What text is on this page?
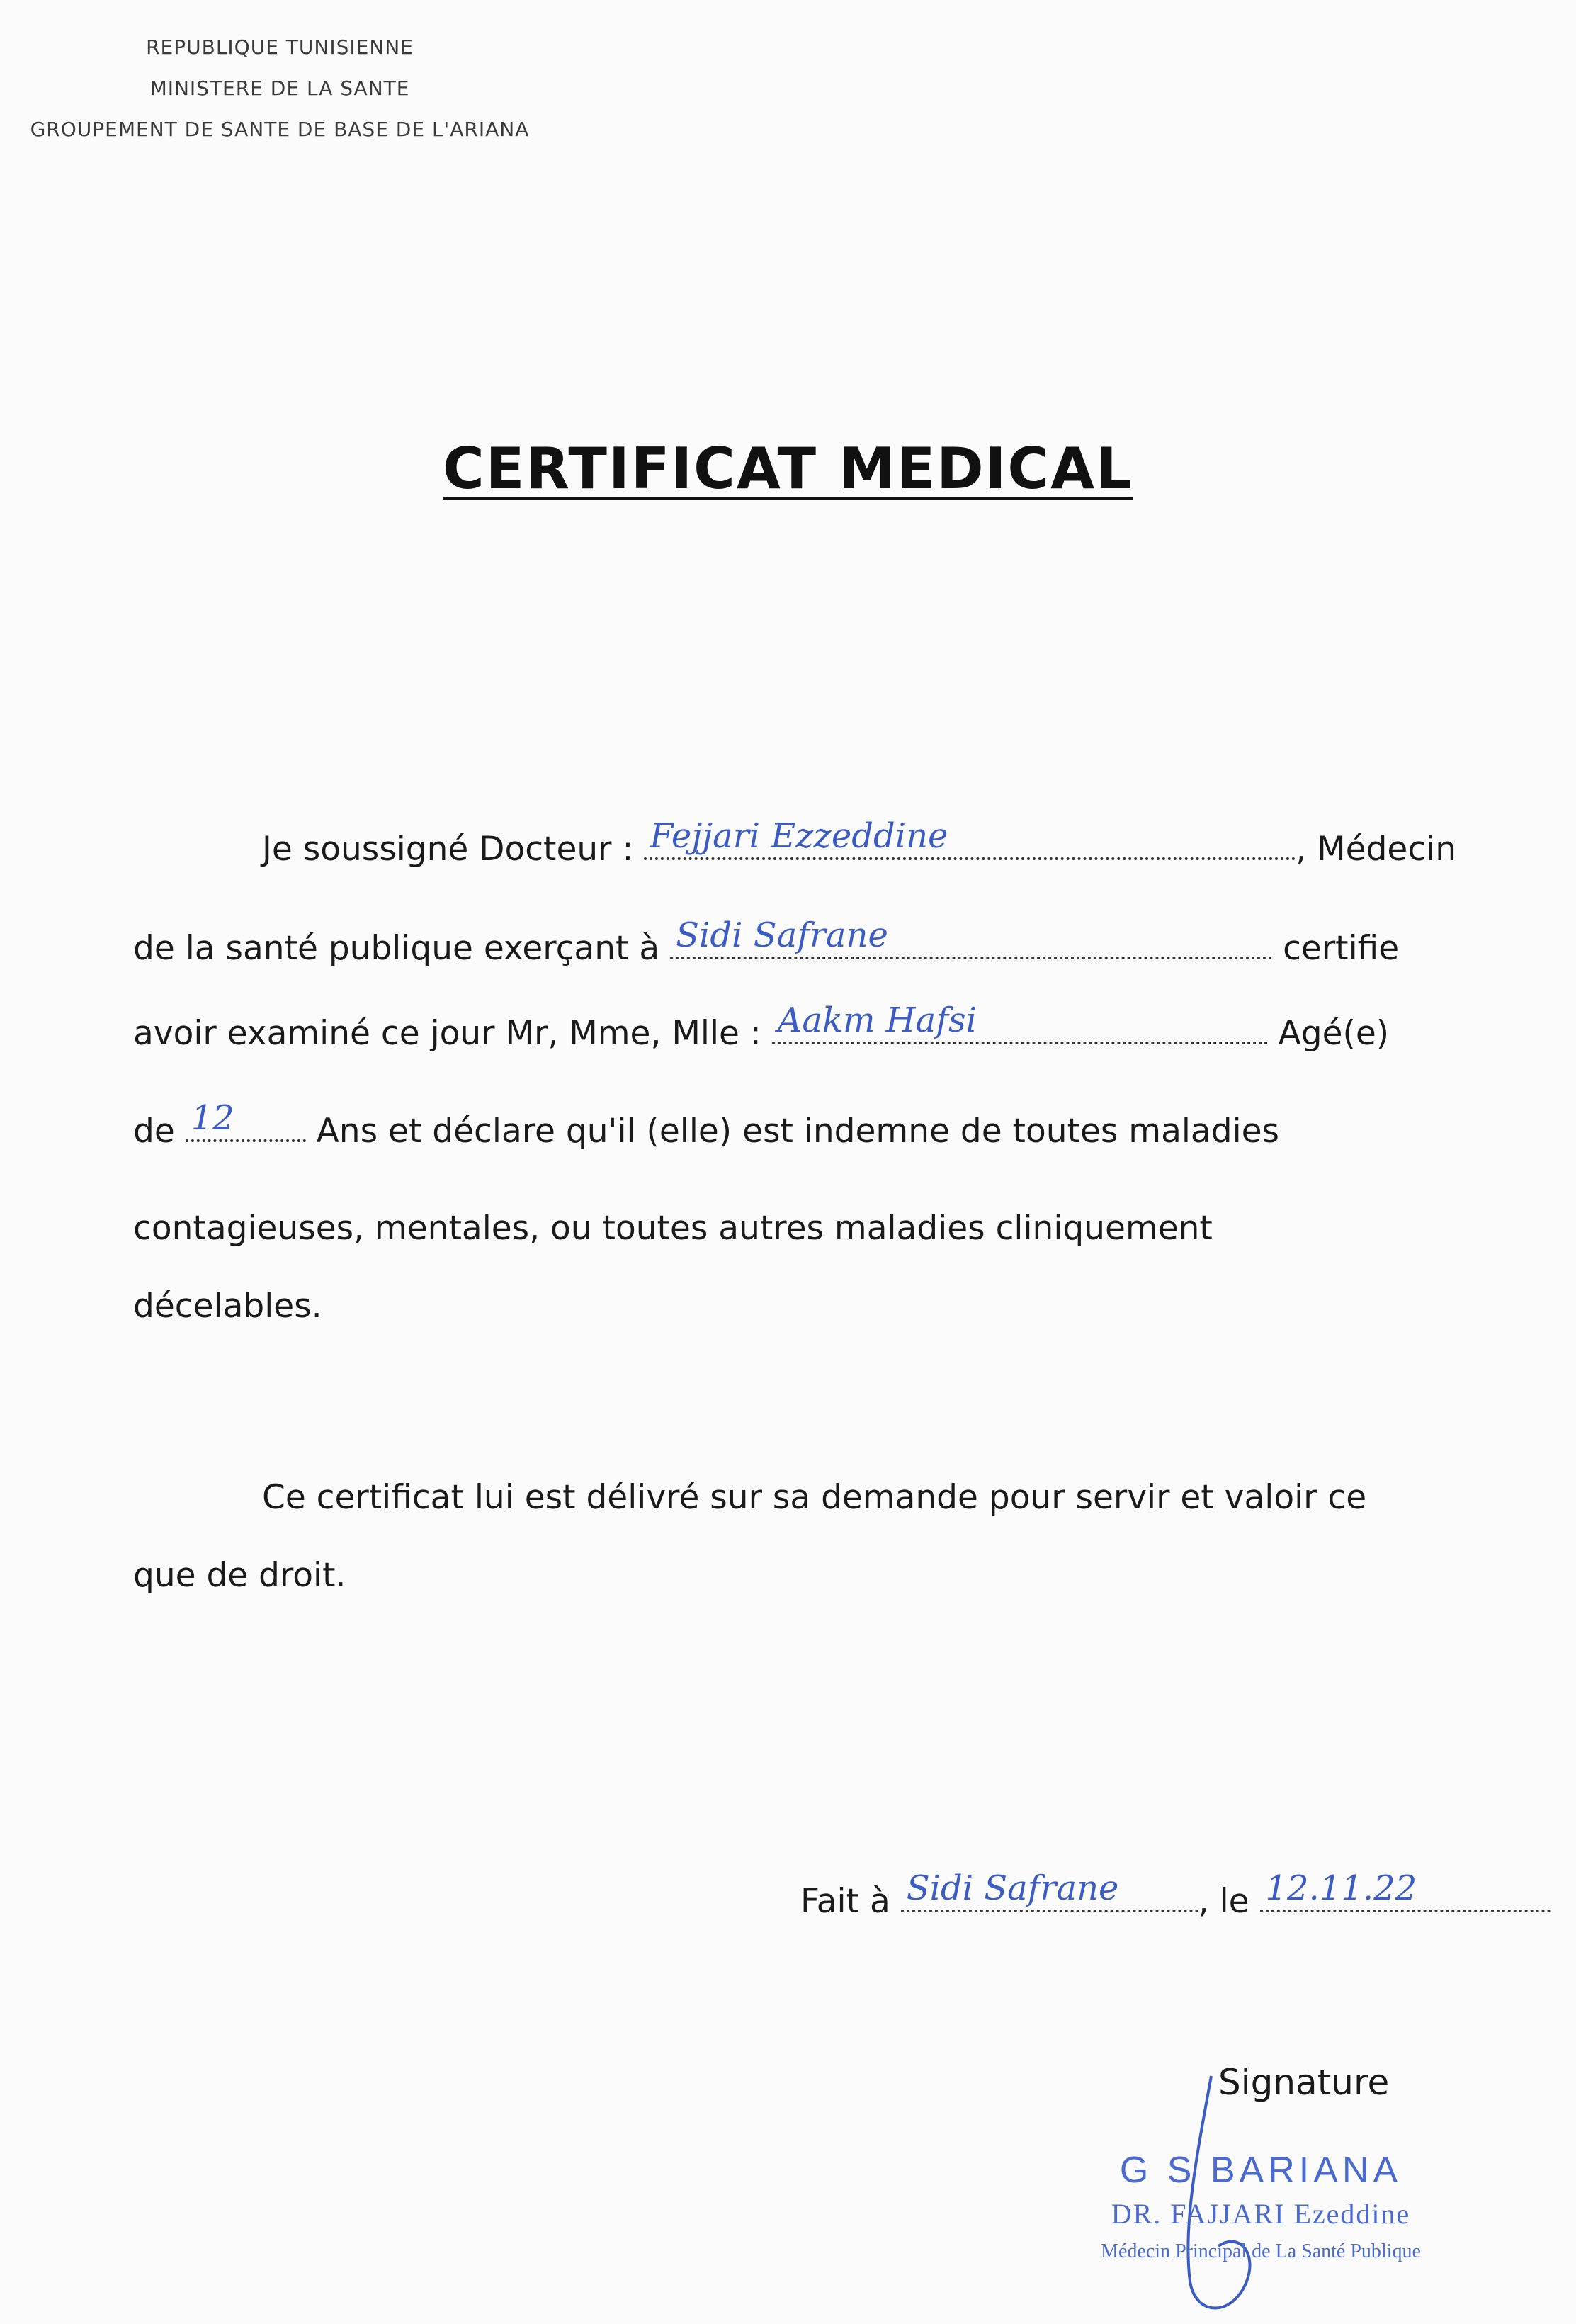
REPUBLIQUE TUNISIENNE
MINISTERE DE LA SANTE
GROUPEMENT DE SANTE DE BASE DE L'ARIANA
CERTIFICAT MEDICAL
Je soussigné Docteur : Fejjari Ezzeddine	, Médecin
de la santé publique exerçant à Sidi Safrane	certifie
avoir examiné ce jour Mr, Mme, Mlle : Aakm Hafsi	Agé(e)
de 12	Ans et déclare qu'il (elle) est indemne de toutes maladies
contagieuses, mentales, ou toutes autres maladies cliniquement
décelables.
Ce certificat lui est délivré sur sa demande pour servir et valoir ce
que de droit.
Fait à Sidi Safrane	, le 12.11.22
Signature
G S BARIANA
DR. FAJJARI Ezeddine
Médecin Principal de La Santé Publique
